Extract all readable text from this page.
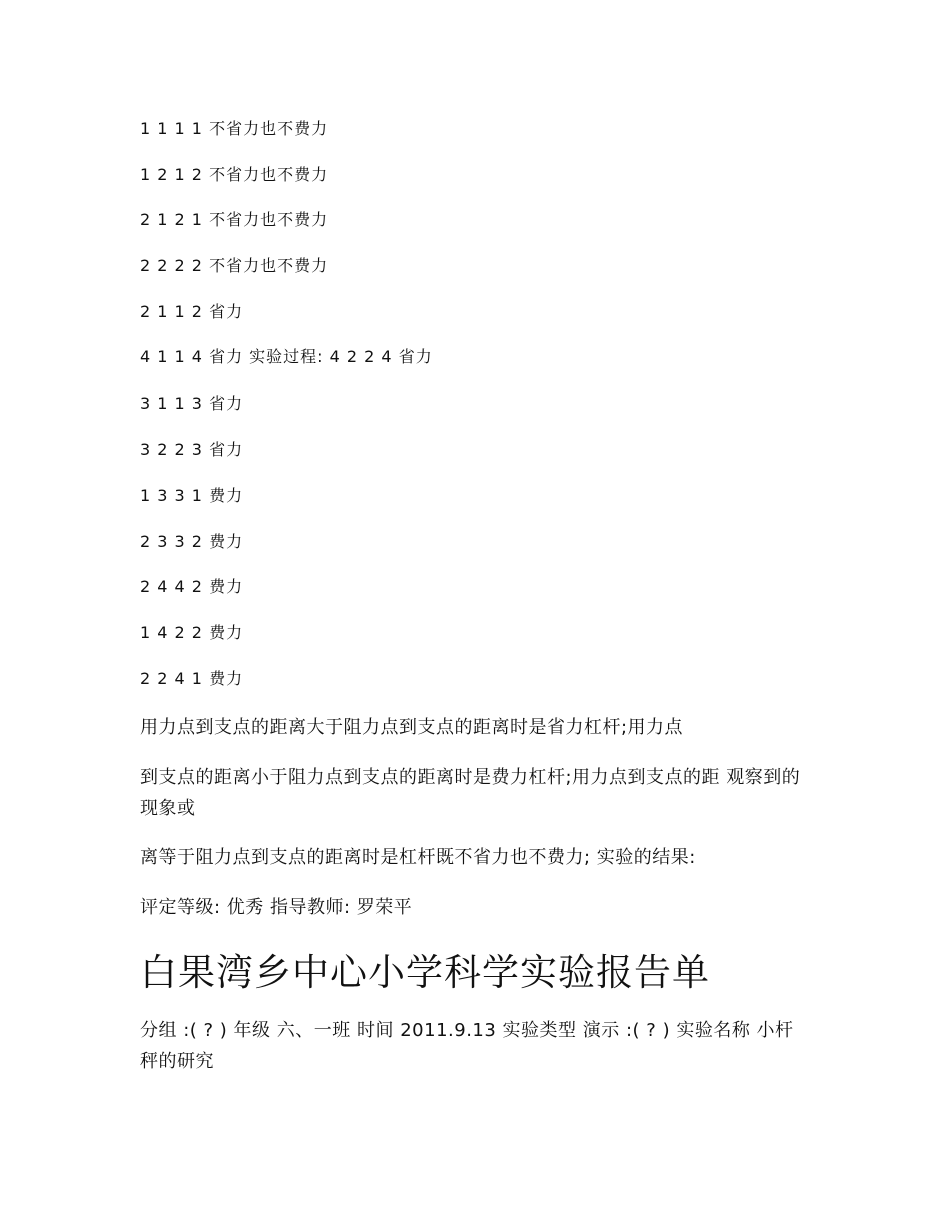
1 1 1 1 不省力也不费力
1 2 1 2 不省力也不费力
2 1 2 1 不省力也不费力
2 2 2 2 不省力也不费力
2 1 1 2 省力
4 1 1 4 省力 实验过程: 4 2 2 4 省力
3 1 1 3 省力
3 2 2 3 省力
1 3 3 1 费力
2 3 3 2 费力
2 4 4 2 费力
1 4 2 2 费力
2 2 4 1 费力
用力点到支点的距离大于阻力点到支点的距离时是省力杠杆;用力点
到支点的距离小于阻力点到支点的距离时是费力杠杆;用力点到支点的距 观察到的现象或
离等于阻力点到支点的距离时是杠杆既不省力也不费力; 实验的结果:
评定等级: 优秀 指导教师: 罗荣平
白果湾乡中心小学科学实验报告单
分组 :( ? ) 年级 六、一班 时间 2011.9.13 实验类型 演示 :( ? ) 实验名称 小杆秤的研究
